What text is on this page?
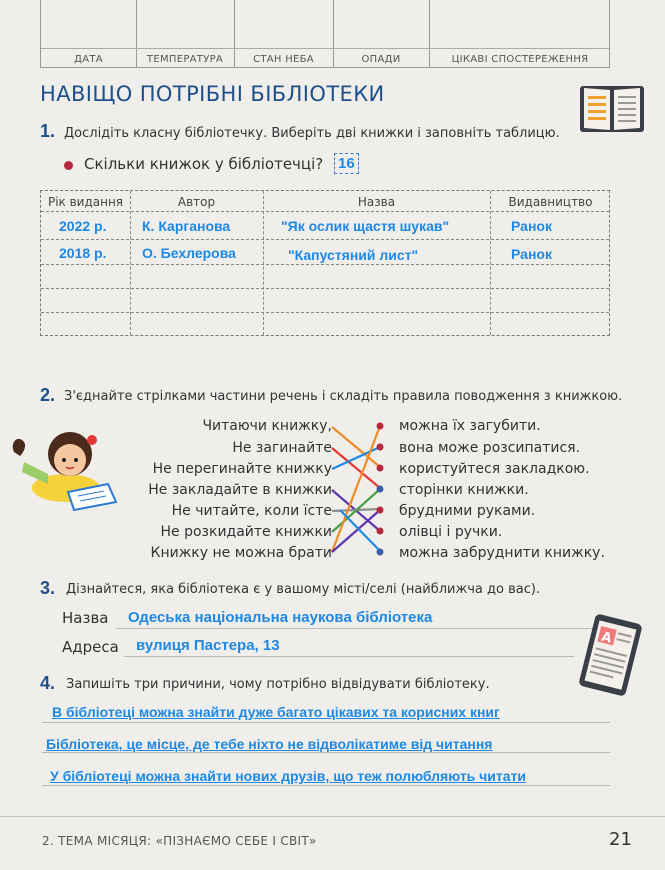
ДАТА	ТЕМПЕРАТУРА	СТАН НЕБА	ОПАДИ	ЦІКАВІ СПОСТЕРЕЖЕННЯ
НАВІЩО ПОТРІБНІ БІБЛІОТЕКИ
1. Дослідіть класну бібліотечку. Виберіть дві книжки і заповніть таблицю.
Скільки книжок у бібліотечці? 16
Рік видання	Автор	Назва	Видавництво
2022 р.	К. Карганова	"Як ослик щастя шукав"	Ранок
2018 р.	О. Бехлерова	"Капустяний лист"	Ранок
2. З'єднайте стрілками частини речень і складіть правила поводження з книжкою.
Читаючи книжку,
Не загинайте
Не перегинайте книжку
Не закладайте в книжки
Не читайте, коли їсте
Не розкидайте книжки
Книжку не можна брати
можна їх загубити.
вона може розсипатися.
користуйтеся закладкою.
сторінки книжки.
брудними руками.
олівці і ручки.
можна забруднити книжку.
3. Дізнайтеся, яка бібліотека є у вашому місті/селі (найближча до вас).
Назва Одеська національна наукова бібліотека
Адреса вулиця Пастера, 13	A
4. Запишіть три причини, чому потрібно відвідувати бібліотеку.
В бібліотеці можна знайти дуже багато цікавих та корисних книг
Бібліотека, це місце, де тебе ніхто не відволікатиме від читання
У бібліотеці можна знайти нових друзів, що теж полюбляють читати
2. ТЕМА МІСЯЦЯ: «ПІЗНАЄМО СЕБЕ І СВІТ»	21
